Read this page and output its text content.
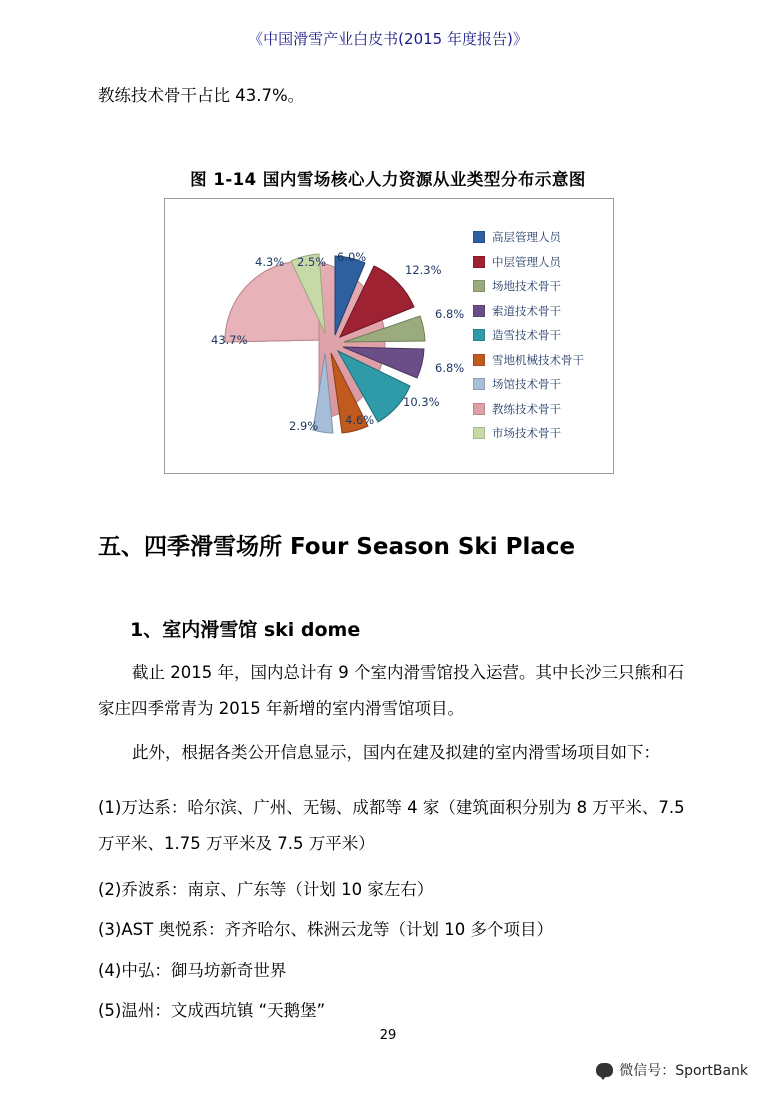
《中国滑雪产业白皮书(2015 年度报告)》
教练技术骨干占比 43.7%。
图 1-14 国内雪场核心人力资源从业类型分布示意图
4.3% 2.5% 6.0%
12.3%
6.8%
6.8%
10.3%
4.6%
2.9%
43.7%
高层管理人员
中层管理人员
场地技术骨干
索道技术骨干
造雪技术骨干
雪地机械技术骨干
场馆技术骨干
教练技术骨干
市场技术骨干
五、四季滑雪场所 Four Season Ski Place
1、室内滑雪馆 ski dome
截止 2015 年，国内总计有 9 个室内滑雪馆投入运营。其中长沙三只熊和石
家庄四季常青为 2015 年新增的室内滑雪馆项目。
此外，根据各类公开信息显示，国内在建及拟建的室内滑雪场项目如下：
(1)万达系：哈尔滨、广州、无锡、成都等 4 家（建筑面积分别为 8 万平米、7.5
万平米、1.75 万平米及 7.5 万平米）
(2)乔波系：南京、广东等（计划 10 家左右）
(3)AST 奥悦系：齐齐哈尔、株洲云龙等（计划 10 多个项目）
(4)中弘：御马坊新奇世界
(5)温州：文成西坑镇 “天鹅堡”
29
微信号：SportBank
